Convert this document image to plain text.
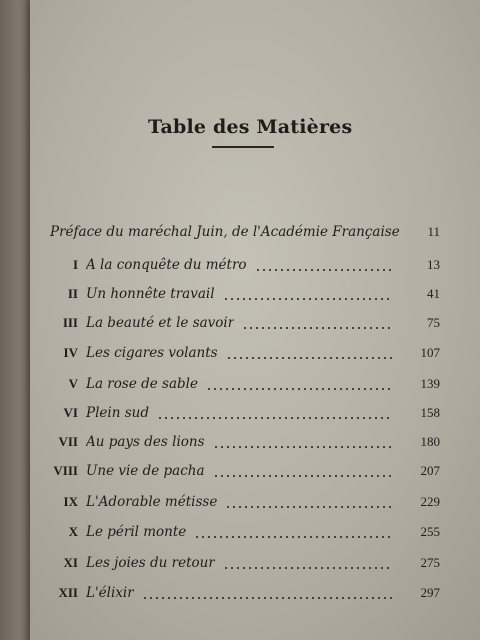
Table des Matières
Préface du maréchal Juin, de l'Académie Française	11
I A la conquête du métro	13
II Un honnête travail	41
III La beauté et le savoir	75
IV Les cigares volants	107
V La rose de sable	139
VI Plein sud	158
VII Au pays des lions	180
VIII Une vie de pacha	207
IX L'Adorable métisse	229
X Le péril monte	255
XI Les joies du retour	275
XII L'élixir	297
